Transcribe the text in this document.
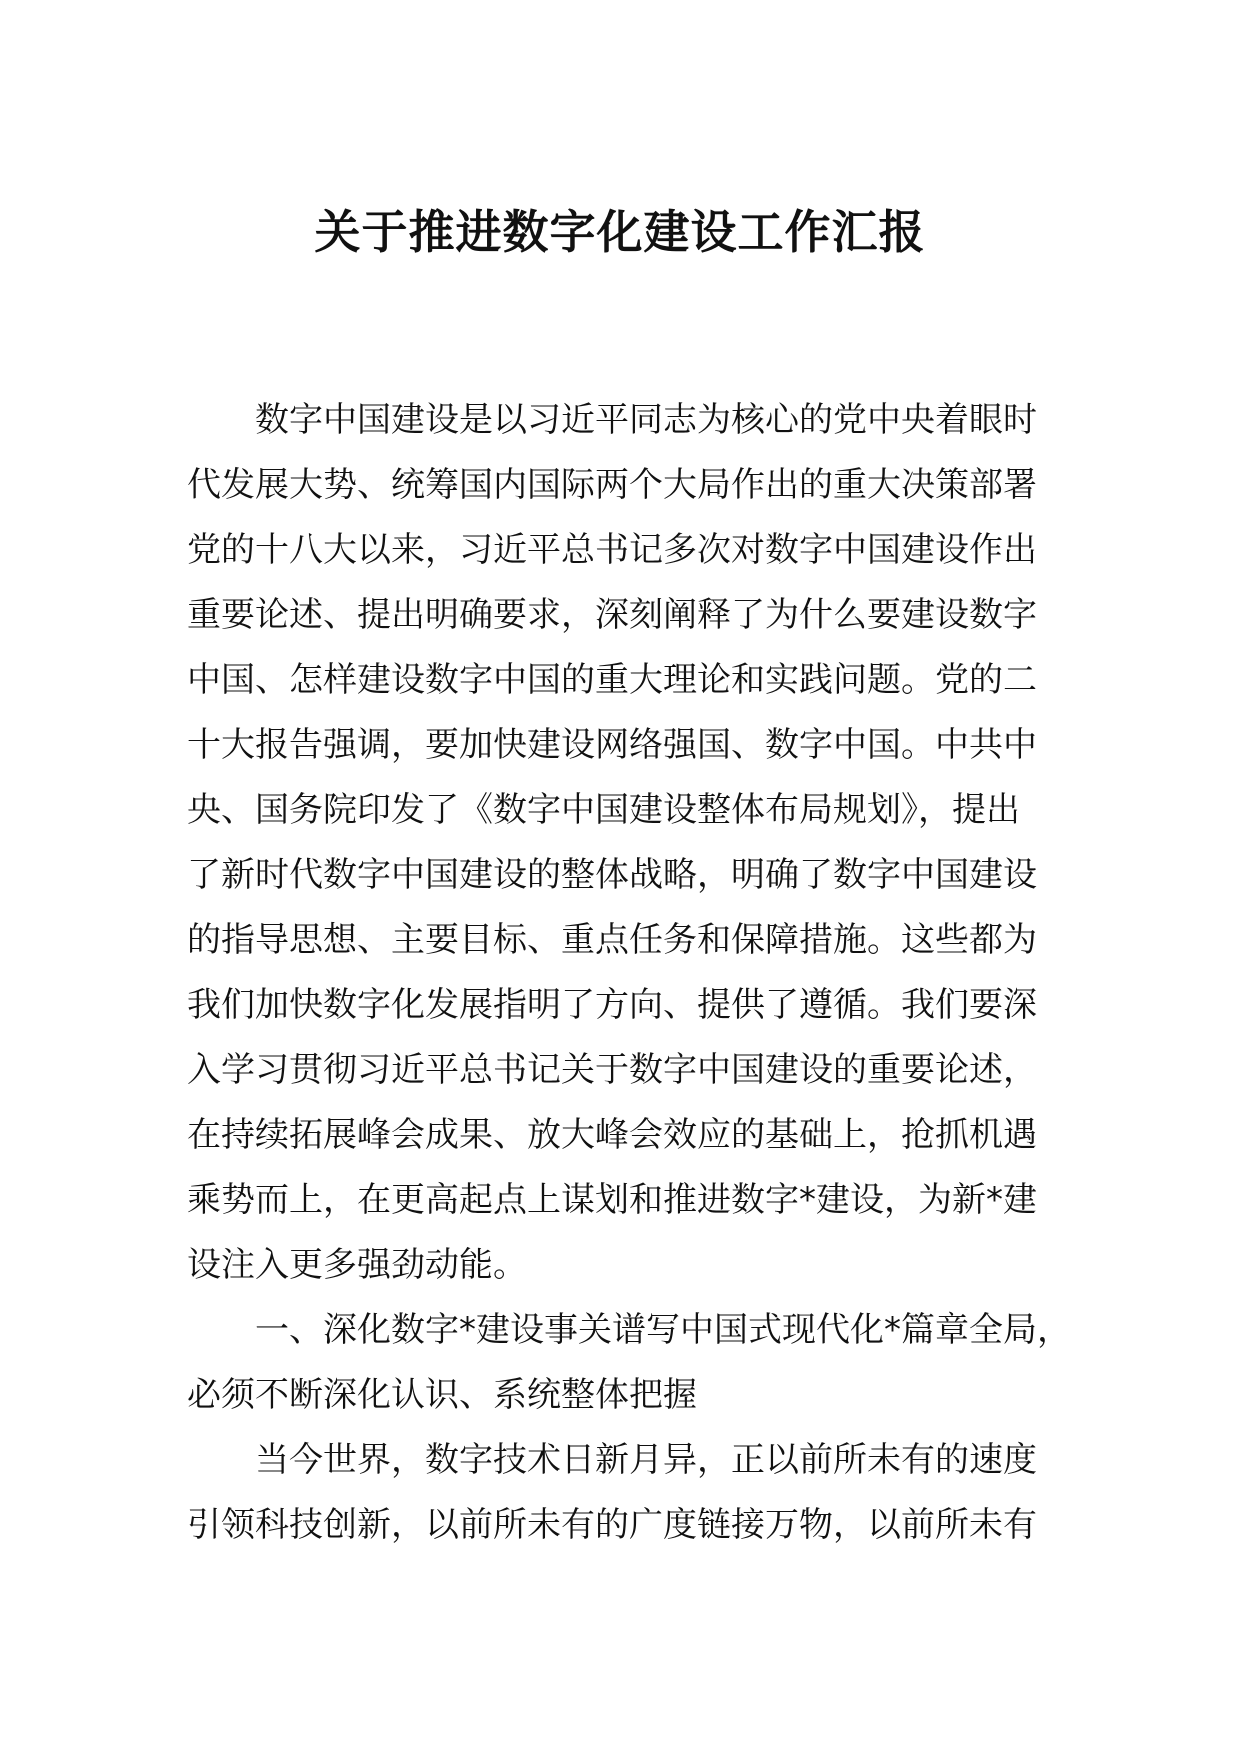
关于推进数字化建设工作汇报

数字中国建设是以习近平同志为核心的党中央着眼时

代发展大势、统筹国内国际两个大局作出的重大决策部署

党的十八大以来，习近平总书记多次对数字中国建设作出

重要论述、提出明确要求，深刻阐释了为什么要建设数字

中国、怎样建设数字中国的重大理论和实践问题。党的二

十大报告强调，要加快建设网络强国、数字中国。中共中

央、国务院印发了《数字中国建设整体布局规划》，提出

了新时代数字中国建设的整体战略，明确了数字中国建设

的指导思想、主要目标、重点任务和保障措施。这些都为

我们加快数字化发展指明了方向、提供了遵循。我们要深

入学习贯彻习近平总书记关于数字中国建设的重要论述，

在持续拓展峰会成果、放大峰会效应的基础上，抢抓机遇

乘势而上，在更高起点上谋划和推进数字*建设，为新*建

设注入更多强劲动能。

一、深化数字*建设事关谱写中国式现代化*篇章全局，

必须不断深化认识、系统整体把握

当今世界，数字技术日新月异，正以前所未有的速度

引领科技创新，以前所未有的广度链接万物，以前所未有
